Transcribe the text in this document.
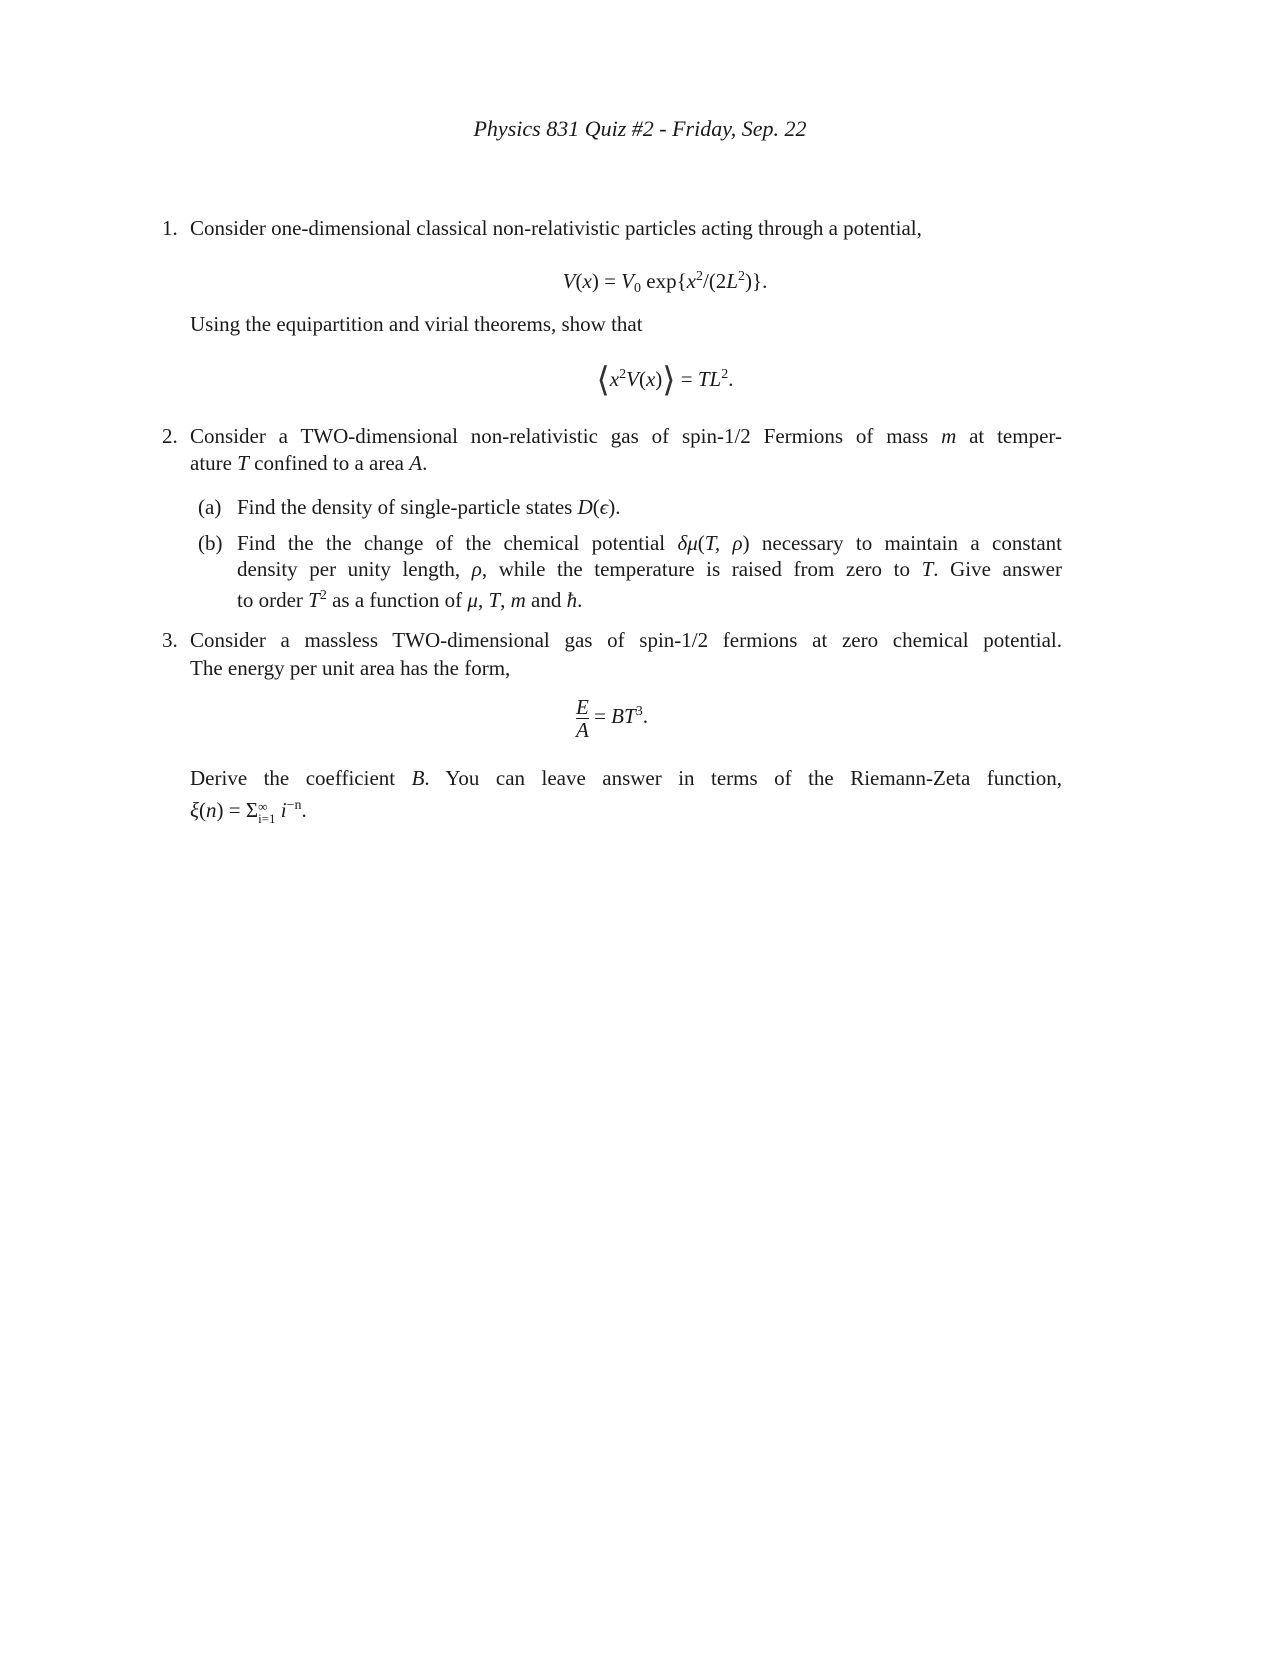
Physics 831 Quiz #2 - Friday, Sep. 22
1. Consider one-dimensional classical non-relativistic particles acting through a potential,
$V(x) = V_0$ $\exp\{x^2/(2L^2)\}$.
Using the equipartition and virial theorems, show that
$⟨x^2V(x)⟩ = TL^2$.
2. Consider a TWO-dimensional non-relativistic gas of spin-1/2 Fermions of mass m at temper-
ature T confined to a area A.
(a) Find the density of single-particle states D(ϵ).
(b) Find the the change of the chemical potential δμ(T, ρ) necessary to maintain a constant
density per unity length, ρ, while the temperature is raised from zero to T. Give answer
to order $T^2$ as a function of μ, T, m and ħ.
3. Consider a massless TWO-dimensional gas of spin-1/2 fermions at zero chemical potential.
The energy per unit area has the form,
$\frac{E}{A} = BT^3$.
Derive the coefficient B. You can leave answer in terms of the Riemann-Zeta function,
ξ(n) = Σ ∞
i=1 $i^{-n}$.
